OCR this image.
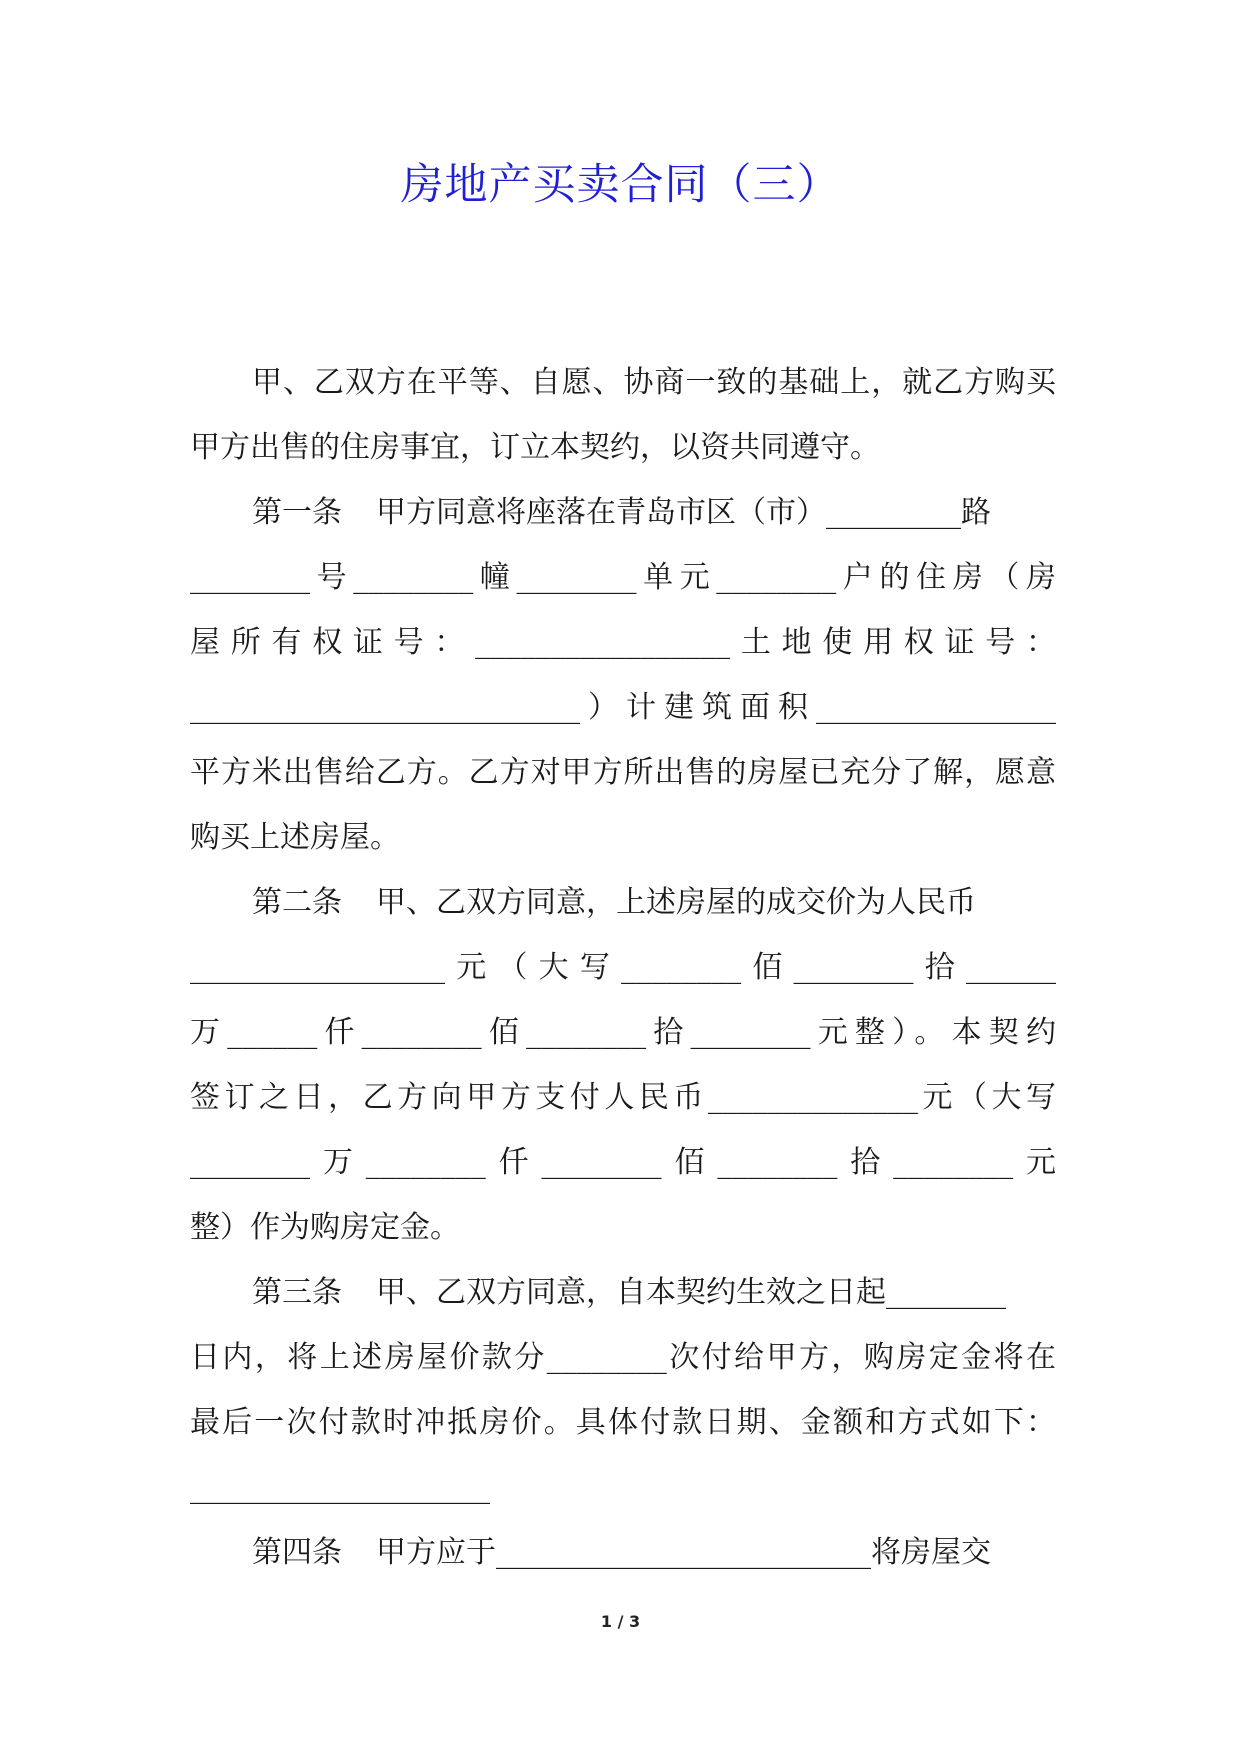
房地产买卖合同（三）
甲、乙双方在平等、自愿、协商一致的基础上，就乙方购买
甲方出售的住房事宜，订立本契约，以资共同遵守。
第一条 甲方同意将座落在青岛市区（市）_________路
________号________幢________单元________户的住房（房
屋所有权证号：_________________土地使用权证号：
__________________________）计建筑面积________________
平方米出售给乙方。乙方对甲方所出售的房屋已充分了解，愿意
购买上述房屋。
第二条 甲、乙双方同意，上述房屋的成交价为人民币
_________________元（大写________佰________拾______
万______仟________佰________拾________元整）。本契约
签订之日，乙方向甲方支付人民币______________元（大写
________万________仟________佰________拾________元
整）作为购房定金。
第三条 甲、乙双方同意，自本契约生效之日起________
日内，将上述房屋价款分________次付给甲方，购房定金将在
最后一次付款时冲抵房价。具体付款日期、金额和方式如下：
____________________
第四条 甲方应于_________________________将房屋交
1 / 3
